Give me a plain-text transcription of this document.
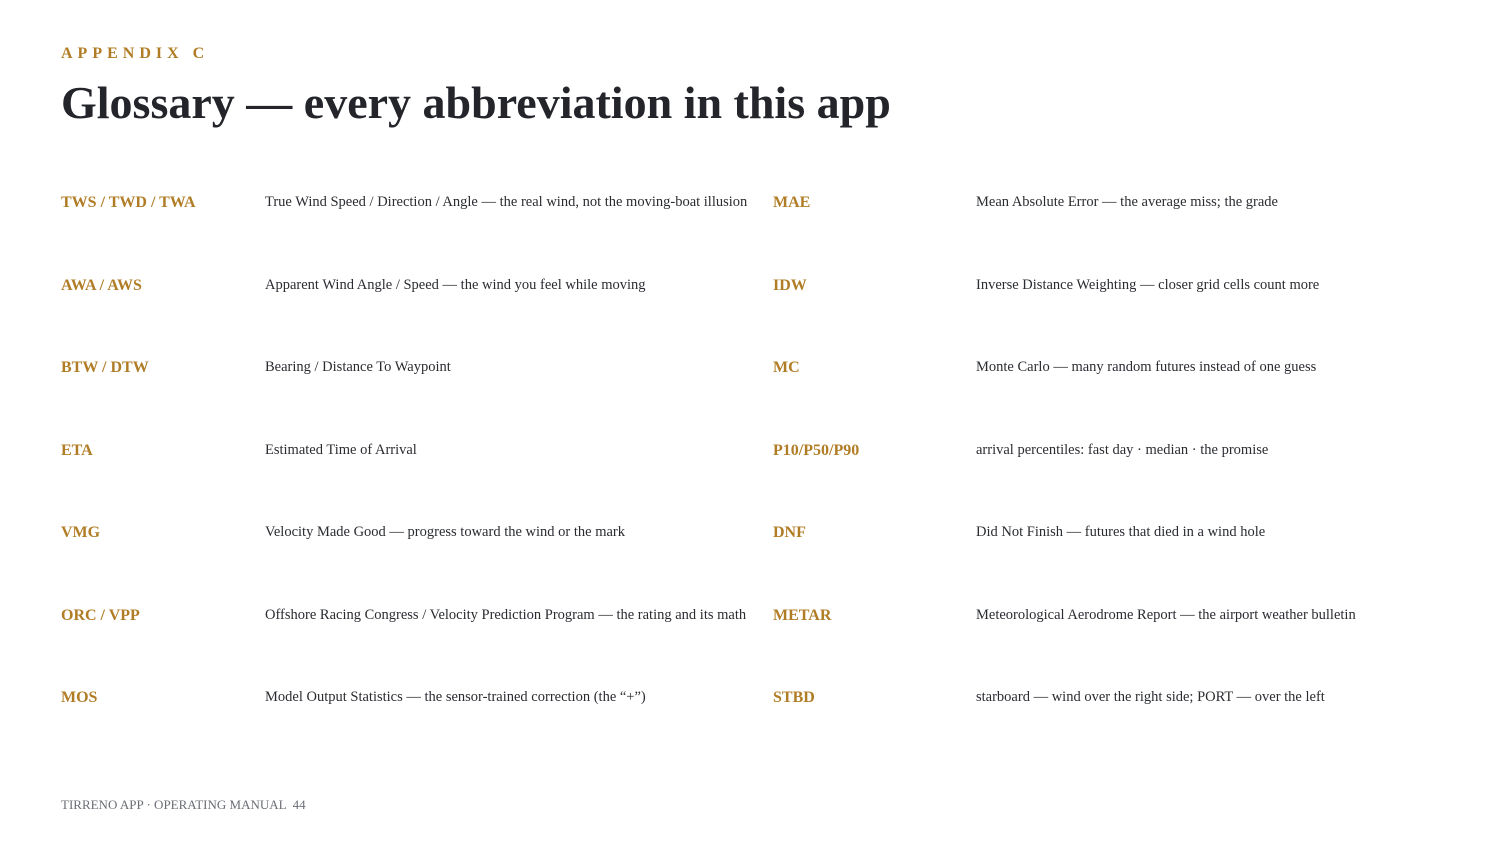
APPENDIX C
Glossary — every abbreviation in this app
TWS / TWD / TWA	True Wind Speed / Direction / Angle — the real wind, not the moving-boat illusion
AWA / AWS	Apparent Wind Angle / Speed — the wind you feel while moving
BTW / DTW	Bearing / Distance To Waypoint
ETA	Estimated Time of Arrival
VMG	Velocity Made Good — progress toward the wind or the mark
ORC / VPP	Offshore Racing Congress / Velocity Prediction Program — the rating and its math
MOS	Model Output Statistics — the sensor-trained correction (the “+”)
MAE	Mean Absolute Error — the average miss; the grade
IDW	Inverse Distance Weighting — closer grid cells count more
MC	Monte Carlo — many random futures instead of one guess
P10/P50/P90	arrival percentiles: fast day · median · the promise
DNF	Did Not Finish — futures that died in a wind hole
METAR	Meteorological Aerodrome Report — the airport weather bulletin
STBD	starboard — wind over the right side; PORT — over the left
TIRRENO APP · OPERATING MANUAL 44
